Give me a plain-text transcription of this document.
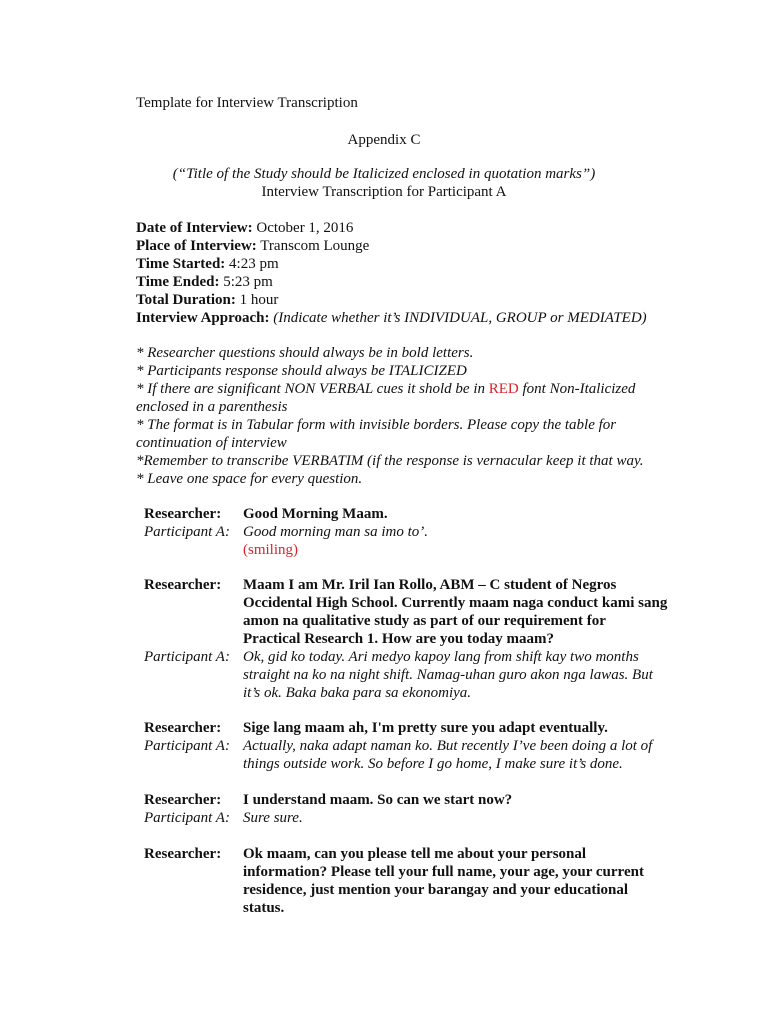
Template for Interview Transcription
Appendix C
(“Title of the Study should be Italicized enclosed in quotation marks”)
Interview Transcription for Participant A
Date of Interview: October 1, 2016
Place of Interview: Transcom Lounge
Time Started: 4:23 pm
Time Ended: 5:23 pm
Total Duration: 1 hour
Interview Approach: (Indicate whether it’s INDIVIDUAL, GROUP or MEDIATED)
* Researcher questions should always be in bold letters.
* Participants response should always be ITALICIZED
* If there are significant NON VERBAL cues it shold be in RED font Non-Italicized
enclosed in a parenthesis
* The format is in Tabular form with invisible borders. Please copy the table for
continuation of interview
*Remember to transcribe VERBATIM (if the response is vernacular keep it that way.
* Leave one space for every question.
Researcher: Good Morning Maam.
Participant A: Good morning man sa imo to’.
(smiling)
Researcher: Maam I am Mr. Iril Ian Rollo, ABM – C student of Negros
Occidental High School. Currently maam naga conduct kami sang
amon na qualitative study as part of our requirement for
Practical Research 1. How are you today maam?
Participant A: Ok, gid ko today. Ari medyo kapoy lang from shift kay two months
straight na ko na night shift. Namag-uhan guro akon nga lawas. But
it’s ok. Baka baka para sa ekonomiya.
Researcher: Sige lang maam ah, I'm pretty sure you adapt eventually.
Participant A: Actually, naka adapt naman ko. But recently I’ve been doing a lot of
things outside work. So before I go home, I make sure it’s done.
Researcher: I understand maam. So can we start now?
Participant A: Sure sure.
Researcher: Ok maam, can you please tell me about your personal
information? Please tell your full name, your age, your current
residence, just mention your barangay and your educational
status.
